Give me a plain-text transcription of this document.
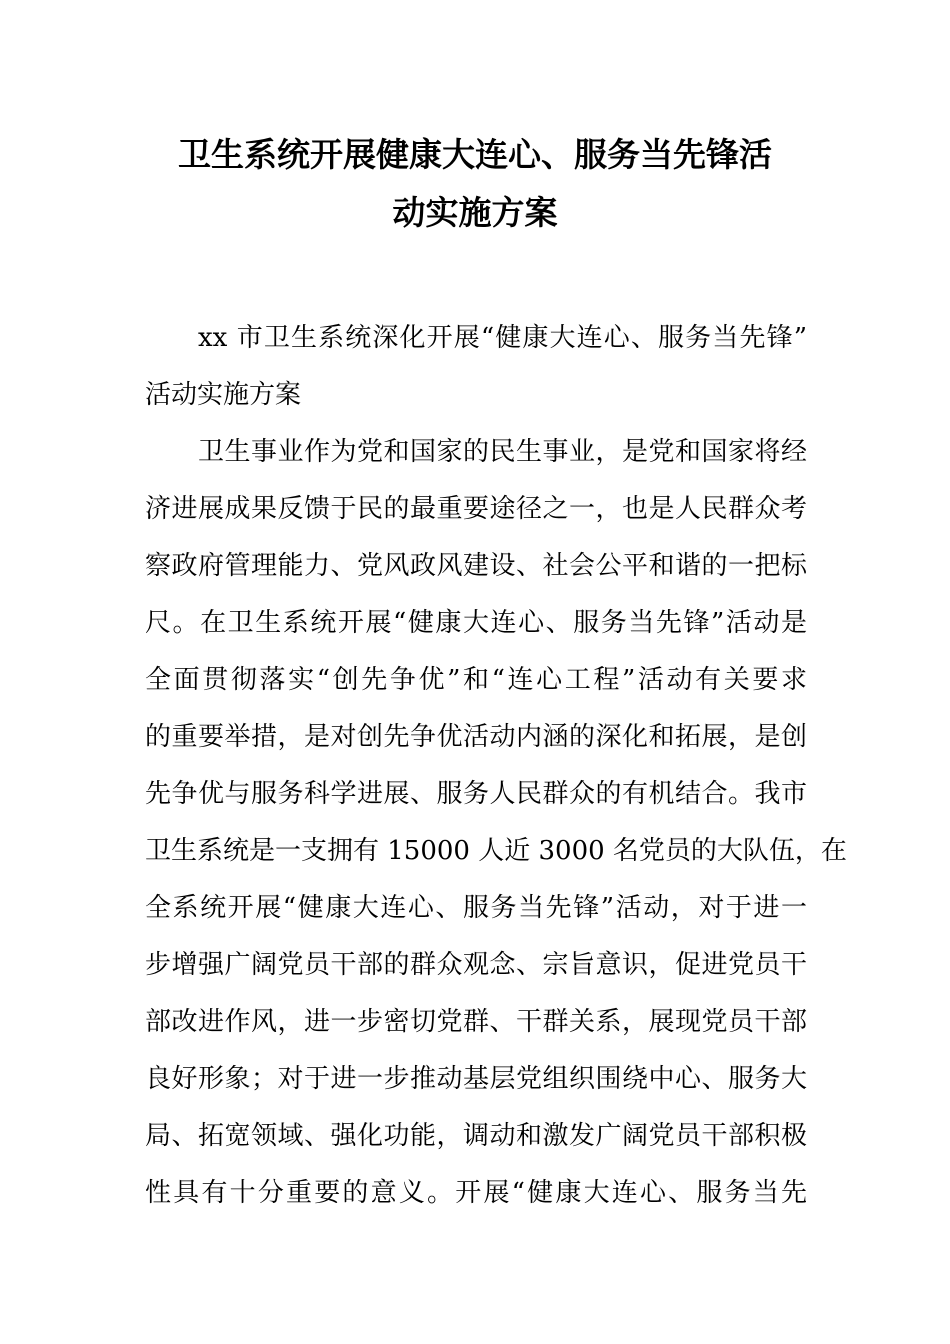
卫生系统开展健康大连心、服务当先锋活
动实施方案
xx 市卫生系统深化开展“健康大连心、服务当先锋”
活动实施方案
卫生事业作为党和国家的民生事业，是党和国家将经
济进展成果反馈于民的最重要途径之一，也是人民群众考
察政府管理能力、党风政风建设、社会公平和谐的一把标
尺。在卫生系统开展“健康大连心、服务当先锋”活动是
全面贯彻落实“创先争优”和“连心工程”活动有关要求
的重要举措，是对创先争优活动内涵的深化和拓展，是创
先争优与服务科学进展、服务人民群众的有机结合。我市
卫生系统是一支拥有 15000 人近 3000 名党员的大队伍，在
全系统开展“健康大连心、服务当先锋”活动，对于进一
步增强广阔党员干部的群众观念、宗旨意识，促进党员干
部改进作风，进一步密切党群、干群关系，展现党员干部
良好形象；对于进一步推动基层党组织围绕中心、服务大
局、拓宽领域、强化功能，调动和激发广阔党员干部积极
性具有十分重要的意义。开展“健康大连心、服务当先
